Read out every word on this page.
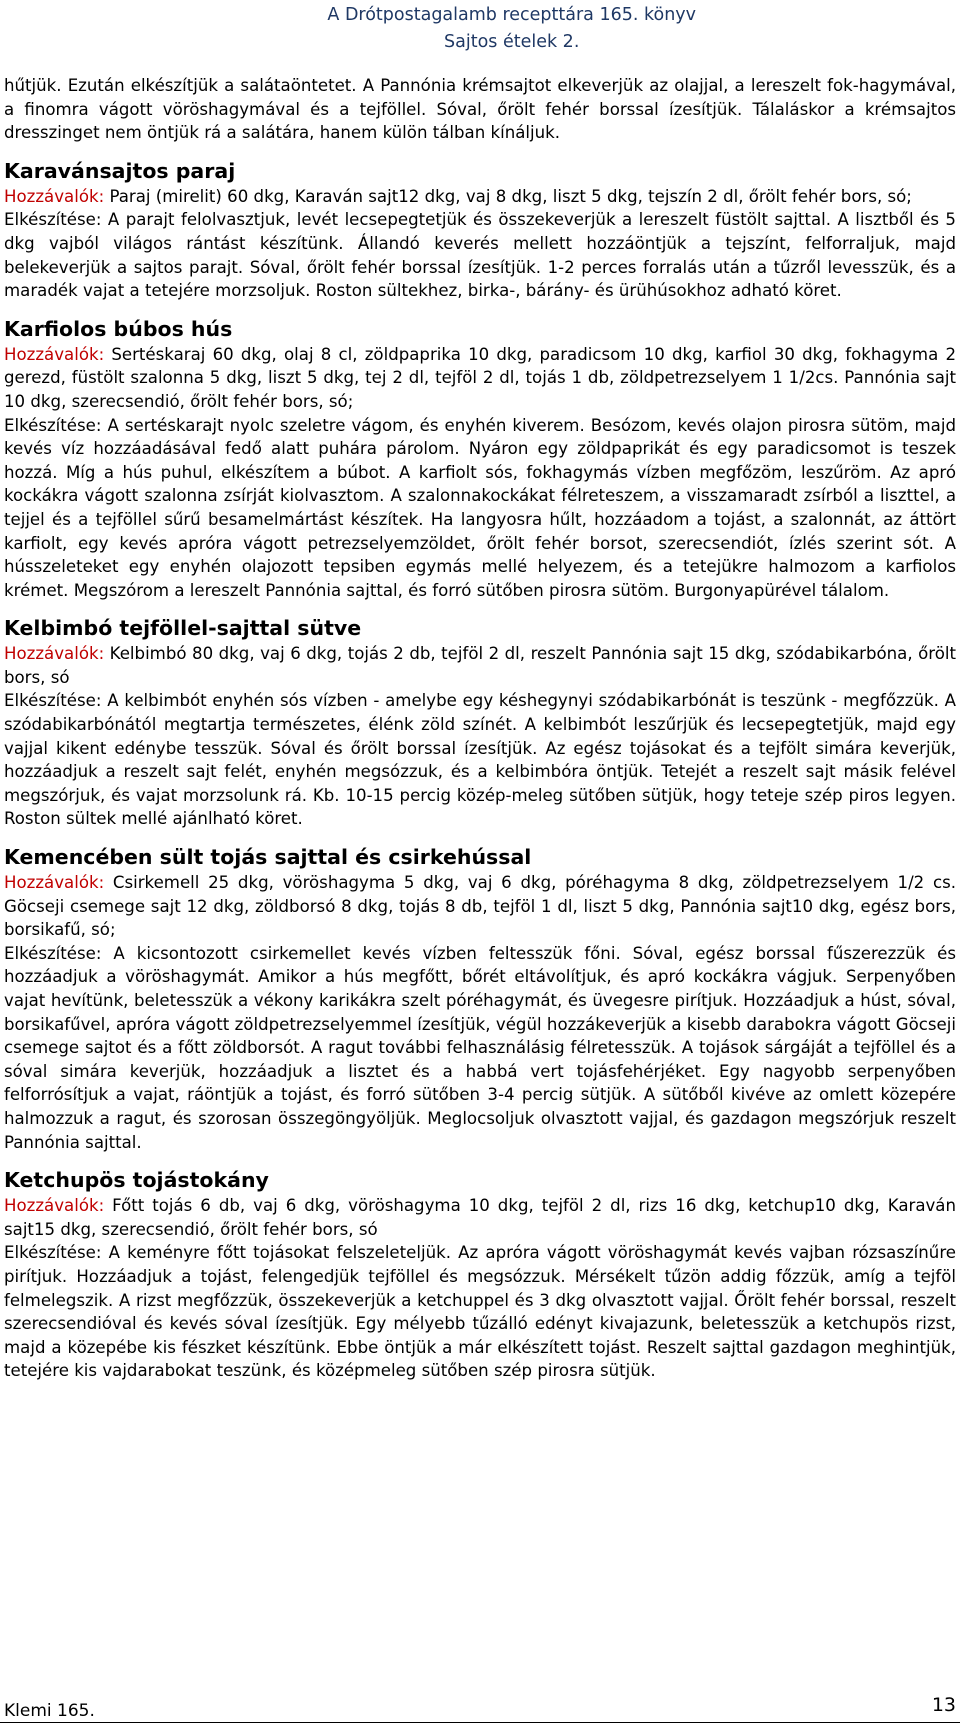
A Drótpostagalamb recepttára 165. könyv
Sajtos ételek 2.

hűtjük. Ezután elkészítjük a salátaöntetet. A Pannónia krémsajtot elkeverjük az olajjal, a lereszelt fok-hagymával, a finomra vágott vöröshagymával és a tejföllel. Sóval, őrölt fehér borssal ízesítjük. Tálaláskor a krémsajtos dresszinget nem öntjük rá a salátára, hanem külön tálban kínáljuk.

Karavánsajtos paraj

Hozzávalók: Paraj (mirelit) 60 dkg, Karaván sajt12 dkg, vaj 8 dkg, liszt 5 dkg, tejszín 2 dl, őrölt fehér bors, só;

Elkészítése: A parajt felolvasztjuk, levét lecsepegtetjük és összekeverjük a lereszelt füstölt sajttal. A lisztből és 5 dkg vajból világos rántást készítünk. Állandó keverés mellett hozzáöntjük a tejszínt, felforraljuk, majd belekeverjük a sajtos parajt. Sóval, őrölt fehér borssal ízesítjük. 1-2 perces forralás után a tűzről levesszük, és a maradék vajat a tetejére morzsoljuk. Roston sültekhez, birka-, bárány- és ürühúsokhoz adható köret.

Karfiolos búbos hús

Hozzávalók: Sertéskaraj 60 dkg, olaj 8 cl, zöldpaprika 10 dkg, paradicsom 10 dkg, karfiol 30 dkg, fokhagyma 2 gerezd, füstölt szalonna 5 dkg, liszt 5 dkg, tej 2 dl, tejföl 2 dl, tojás 1 db, zöldpetrezselyem 1 1/2cs. Pannónia sajt 10 dkg, szerecsendió, őrölt fehér bors, só;

Elkészítése: A sertéskarajt nyolc szeletre vágom, és enyhén kiverem. Besózom, kevés olajon pirosra sütöm, majd kevés víz hozzáadásával fedő alatt puhára párolom. Nyáron egy zöldpaprikát és egy paradicsomot is teszek hozzá. Míg a hús puhul, elkészítem a búbot. A karfiolt sós, fokhagymás vízben megfőzöm, leszűröm. Az apró kockákra vágott szalonna zsírját kiolvasztom. A szalonnakockákat félreteszem, a visszamaradt zsírból a liszttel, a tejjel és a tejföllel sűrű besamelmártást készítek. Ha langyosra hűlt, hozzáadom a tojást, a szalonnát, az áttört karfiolt, egy kevés apróra vágott petrezselyemzöldet, őrölt fehér borsot, szerecsendiót, ízlés szerint sót. A hússzeleteket egy enyhén olajozott tepsiben egymás mellé helyezem, és a tetejükre halmozom a karfiolos krémet. Megszórom a lereszelt Pannónia sajttal, és forró sütőben pirosra sütöm. Burgonyapürével tálalom.

Kelbimbó tejföllel-sajttal sütve

Hozzávalók: Kelbimbó 80 dkg, vaj 6 dkg, tojás 2 db, tejföl 2 dl, reszelt Pannónia sajt 15 dkg, szódabikarbóna, őrölt bors, só

Elkészítése: A kelbimbót enyhén sós vízben - amelybe egy késhegynyi szódabikarbónát is teszünk - megfőzzük. A szódabikarbónától megtartja természetes, élénk zöld színét. A kelbimbót leszűrjük és lecsepegtetjük, majd egy vajjal kikent edénybe tesszük. Sóval és őrölt borssal ízesítjük. Az egész tojásokat és a tejfölt simára keverjük, hozzáadjuk a reszelt sajt felét, enyhén megsózzuk, és a kelbimbóra öntjük. Tetejét a reszelt sajt másik felével megszórjuk, és vajat morzsolunk rá. Kb. 10-15 percig közép-meleg sütőben sütjük, hogy teteje szép piros legyen. Roston sültek mellé ajánlható köret.

Kemencében sült tojás sajttal és csirkehússal

Hozzávalók: Csirkemell 25 dkg, vöröshagyma 5 dkg, vaj 6 dkg, póréhagyma 8 dkg, zöldpetrezselyem 1/2 cs. Göcseji csemege sajt 12 dkg, zöldborsó 8 dkg, tojás 8 db, tejföl 1 dl, liszt 5 dkg, Pannónia sajt10 dkg, egész bors, borsikafű, só;

Elkészítése: A kicsontozott csirkemellet kevés vízben feltesszük főni. Sóval, egész borssal fűszerezzük és hozzáadjuk a vöröshagymát. Amikor a hús megfőtt, bőrét eltávolítjuk, és apró kockákra vágjuk. Serpenyőben vajat hevítünk, beletesszük a vékony karikákra szelt póréhagymát, és üvegesre pirítjuk. Hozzáadjuk a húst, sóval, borsikafűvel, apróra vágott zöldpetrezselyemmel ízesítjük, végül hozzákeverjük a kisebb darabokra vágott Göcseji csemege sajtot és a főtt zöldborsót. A ragut további felhasználásig félretesszük. A tojások sárgáját a tejföllel és a sóval simára keverjük, hozzáadjuk a lisztet és a habbá vert tojásfehérjéket. Egy nagyobb serpenyőben felforrósítjuk a vajat, ráöntjük a tojást, és forró sütőben 3-4 percig sütjük. A sütőből kivéve az omlett közepére halmozzuk a ragut, és szorosan összegöngyöljük. Meglocsoljuk olvasztott vajjal, és gazdagon megszórjuk reszelt Pannónia sajttal.

Ketchupös tojástokány

Hozzávalók: Főtt tojás 6 db, vaj 6 dkg, vöröshagyma 10 dkg, tejföl 2 dl, rizs 16 dkg, ketchup10 dkg, Karaván sajt15 dkg, szerecsendió, őrölt fehér bors, só

Elkészítése: A keményre főtt tojásokat felszeleteljük. Az apróra vágott vöröshagymát kevés vajban rózsaszínűre pirítjuk. Hozzáadjuk a tojást, felengedjük tejföllel és megsózzuk. Mérsékelt tűzön addig főzzük, amíg a tejföl felmelegszik. A rizst megfőzzük, összekeverjük a ketchuppel és 3 dkg olvasztott vajjal. Őrölt fehér borssal, reszelt szerecsendióval és kevés sóval ízesítjük. Egy mélyebb tűzálló edényt kivajazunk, beletesszük a ketchupös rizst, majd a közepébe kis fészket készítünk. Ebbe öntjük a már elkészített tojást. Reszelt sajttal gazdagon meghintjük, tetejére kis vajdarabokat teszünk, és középmeleg sütőben szép pirosra sütjük.

Klemi 165.	13
